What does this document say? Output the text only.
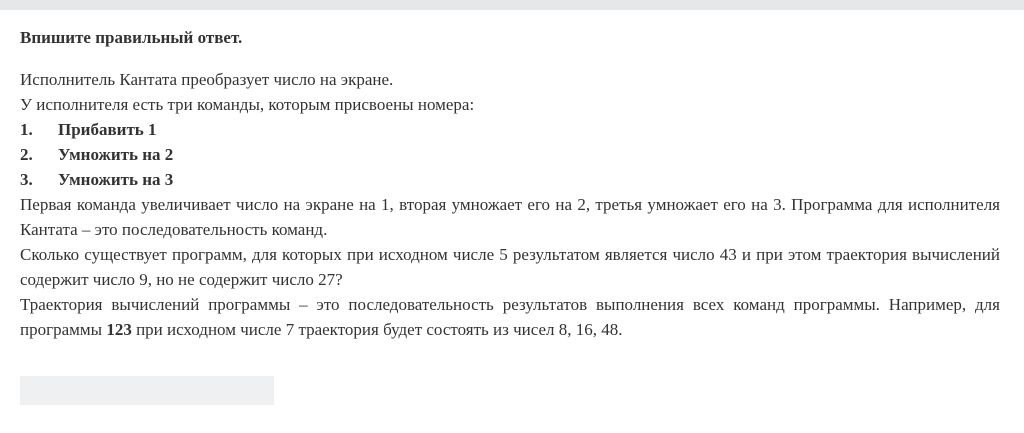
Впишите правильный ответ.

Исполнитель Кантата преобразует число на экране.

У исполнителя есть три команды, которым присвоены номера:

1.	Прибавить 1
2.	Умножить на 2
3.	Умножить на 3

Первая команда увеличивает число на экране на 1, вторая умножает его на 2, третья умножает его на 3. Программа для исполнителя Кантата – это последовательность команд.

Сколько существует программ, для которых при исходном числе 5 результатом является число 43 и при этом траектория вычислений содержит число 9, но не содержит число 27?

Траектория вычислений программы – это последовательность результатов выполнения всех команд программы. Например, для программы 123 при исходном числе 7 траектория будет состоять из чисел 8, 16, 48.
